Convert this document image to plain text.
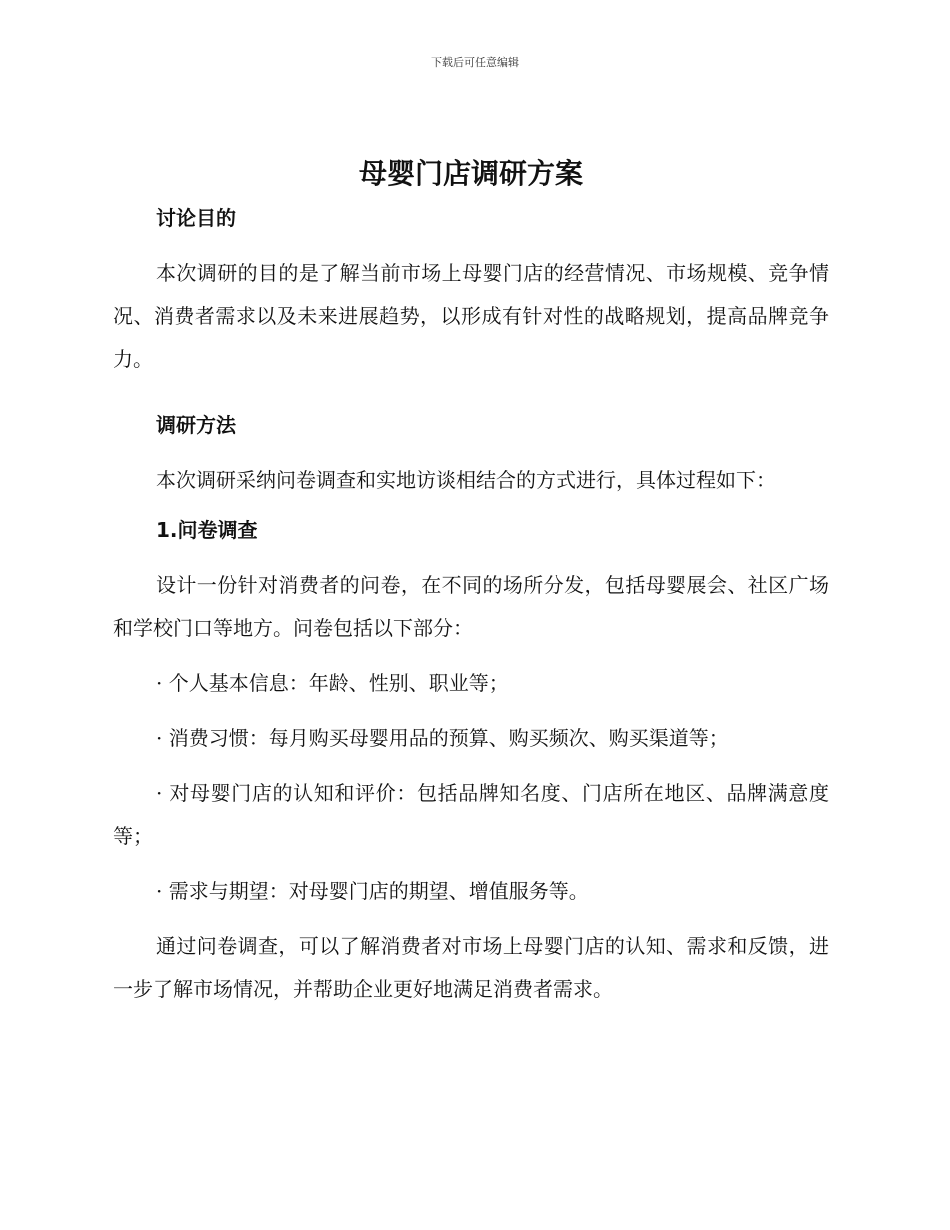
下载后可任意编辑
母婴门店调研方案
讨论目的

本次调研的目的是了解当前市场上母婴门店的经营情况、市场规模、竞争情况、消费者需求以及未来进展趋势，以形成有针对性的战略规划，提高品牌竞争力。

调研方法

本次调研采纳问卷调查和实地访谈相结合的方式进行，具体过程如下：

1.问卷调查

设计一份针对消费者的问卷，在不同的场所分发，包括母婴展会、社区广场和学校门口等地方。问卷包括以下部分：

· 个人基本信息：年龄、性别、职业等；

· 消费习惯：每月购买母婴用品的预算、购买频次、购买渠道等；

· 对母婴门店的认知和评价：包括品牌知名度、门店所在地区、品牌满意度等；

· 需求与期望：对母婴门店的期望、增值服务等。

通过问卷调查，可以了解消费者对市场上母婴门店的认知、需求和反馈，进一步了解市场情况，并帮助企业更好地满足消费者需求。
